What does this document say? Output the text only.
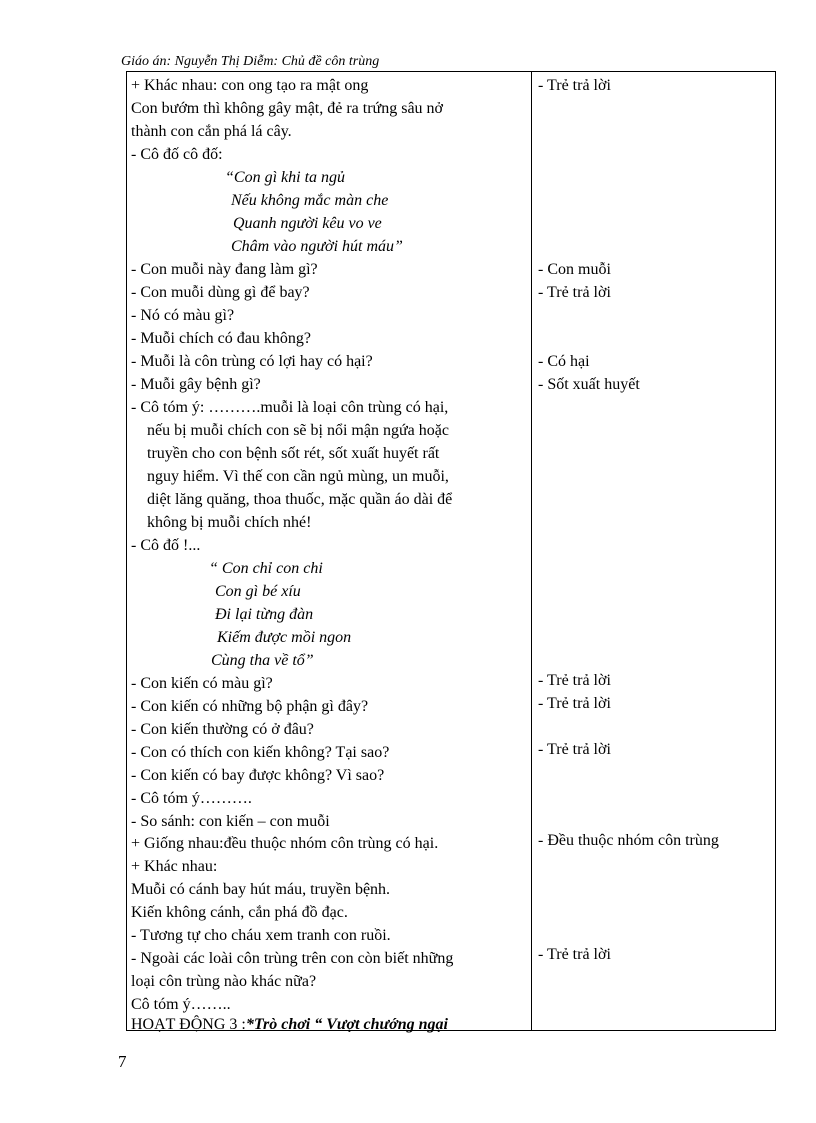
Giáo án: Nguyễn Thị Diễm: Chủ đề côn trùng
+ Khác nhau: con ong tạo ra mật ong
Con bướm thì không gây mật, đẻ ra trứng sâu nở
thành con cắn phá lá cây.
- Cô đố cô đố:
“Con gì khi ta ngủ
Nếu không mắc màn che
Quanh người kêu vo ve
Châm vào người hút máu”
- Con muỗi này đang làm gì?
- Con muỗi dùng gì để bay?
- Nó có màu gì?
- Muỗi chích có đau không?
- Muỗi là côn trùng có lợi hay có hại?
- Muỗi gây bệnh gì?
- Cô tóm ý: ……….muỗi là loại côn trùng có hại,
nếu bị muỗi chích con sẽ bị nổi mận ngứa hoặc
truyền cho con bệnh sốt rét, sốt xuất huyết rất
nguy hiểm. Vì thế con cần ngủ mùng, un muỗi,
diệt lăng quăng, thoa thuốc, mặc quần áo dài để
không bị muỗi chích nhé!
- Cô đố !...
“ Con chỉ con chi
Con gì bé xíu
Đi lại từng đàn
Kiếm được mồi ngon
Cùng tha về tổ”
- Con kiến có màu gì?
- Con kiến có những bộ phận gì đây?
- Con kiến thường có ở đâu?
- Con có thích con kiến không? Tại sao?
- Con kiến có bay được không? Vì sao?
- Cô tóm ý……….
- So sánh: con kiến – con muỗi
+ Giống nhau:đều thuộc nhóm côn trùng có hại.
+ Khác nhau:
Muỗi có cánh bay hút máu, truyền bệnh.
Kiến không cánh, cắn phá đồ đạc.
- Tương tự cho cháu xem tranh con ruồi.
- Ngoài các loài côn trùng trên con còn biết những
loại côn trùng nào khác nữa?
Cô tóm ý……..
HOẠT ĐỘNG 3 :*Trò chơi “ Vượt chướng ngại
- Trẻ trả lời
- Con muỗi
- Trẻ trả lời
- Có hại
- Sốt xuất huyết
- Trẻ trả lời
- Trẻ trả lời
- Trẻ trả lời
- Đều thuộc nhóm côn trùng
- Trẻ trả lời
7
